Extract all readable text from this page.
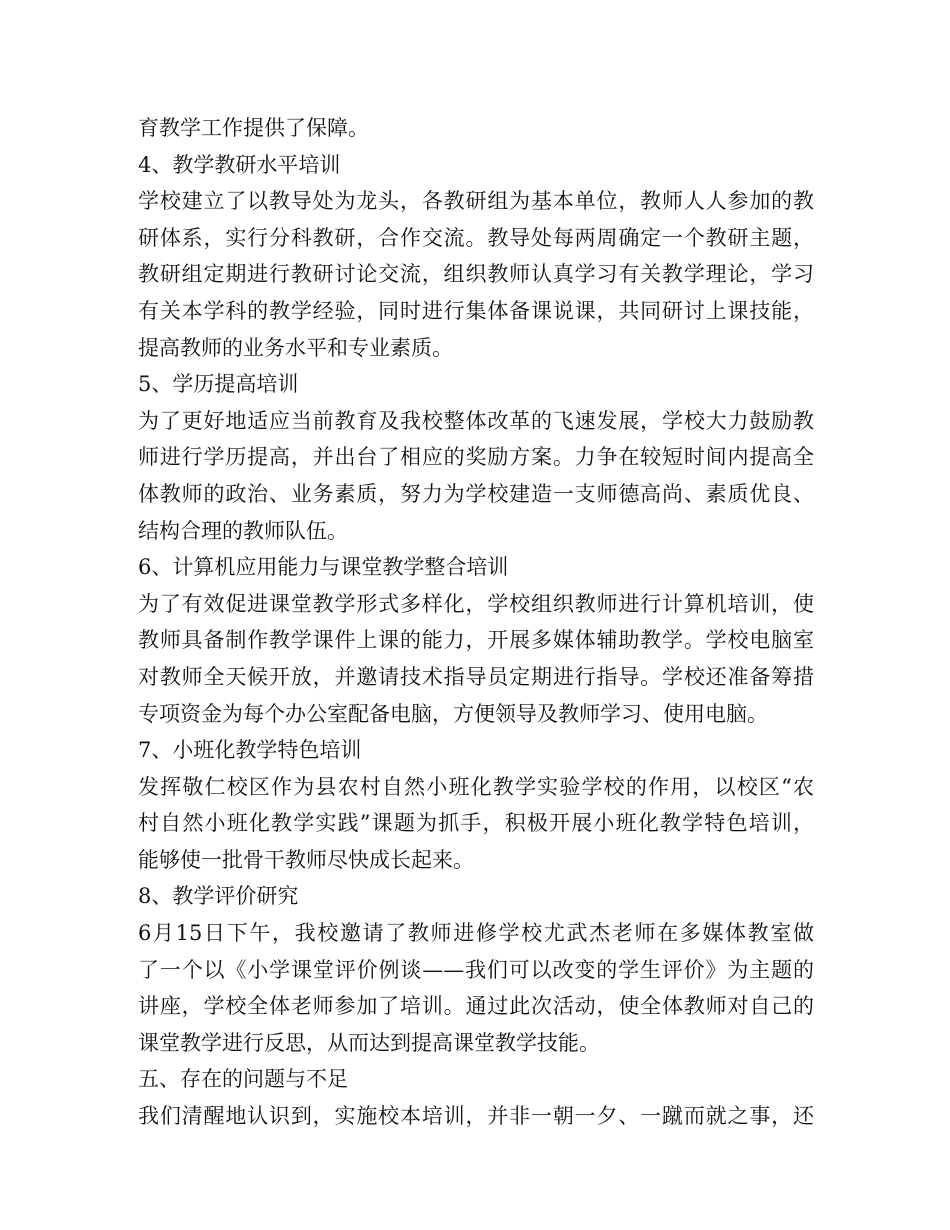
育教学工作提供了保障。
4、教学教研水平培训
学校建立了以教导处为龙头，各教研组为基本单位，教师人人参加的教
研体系，实行分科教研，合作交流。教导处每两周确定一个教研主题，
教研组定期进行教研讨论交流，组织教师认真学习有关教学理论，学习
有关本学科的教学经验，同时进行集体备课说课，共同研讨上课技能，
提高教师的业务水平和专业素质。
5、学历提高培训
为了更好地适应当前教育及我校整体改革的飞速发展，学校大力鼓励教
师进行学历提高，并出台了相应的奖励方案。力争在较短时间内提高全
体教师的政治、业务素质，努力为学校建造一支师德高尚、素质优良、
结构合理的教师队伍。
6、计算机应用能力与课堂教学整合培训
为了有效促进课堂教学形式多样化，学校组织教师进行计算机培训，使
教师具备制作教学课件上课的能力，开展多媒体辅助教学。学校电脑室
对教师全天候开放，并邀请技术指导员定期进行指导。学校还准备筹措
专项资金为每个办公室配备电脑，方便领导及教师学习、使用电脑。
7、小班化教学特色培训
发挥敬仁校区作为县农村自然小班化教学实验学校的作用，以校区“农
村自然小班化教学实践”课题为抓手，积极开展小班化教学特色培训，
能够使一批骨干教师尽快成长起来。
8、教学评价研究
6月15日下午，我校邀请了教师进修学校尤武杰老师在多媒体教室做
了一个以《小学课堂评价例谈——我们可以改变的学生评价》为主题的
讲座，学校全体老师参加了培训。通过此次活动，使全体教师对自己的
课堂教学进行反思，从而达到提高课堂教学技能。
五、存在的问题与不足
我们清醒地认识到，实施校本培训，并非一朝一夕、一蹴而就之事，还
